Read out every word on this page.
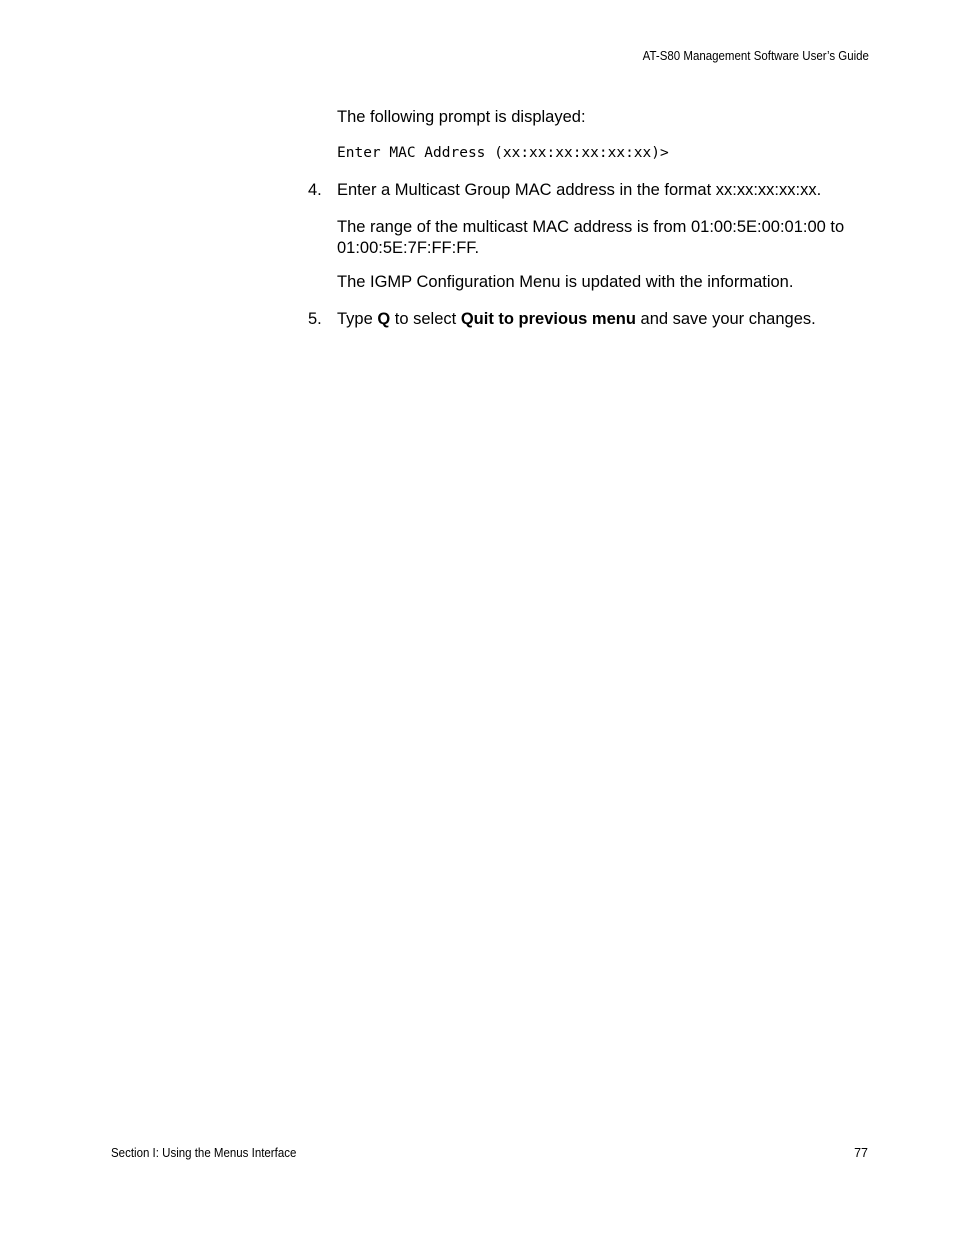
AT-S80 Management Software User’s Guide

The following prompt is displayed:

Enter MAC Address (xx:xx:xx:xx:xx:xx)>

4. Enter a Multicast Group MAC address in the format xx:xx:xx:xx:xx.

The range of the multicast MAC address is from 01:00:5E:00:01:00 to
01:00:5E:7F:FF:FF.

The IGMP Configuration Menu is updated with the information.

5. Type Q to select Quit to previous menu and save your changes.
Section I: Using the Menus Interface	77
